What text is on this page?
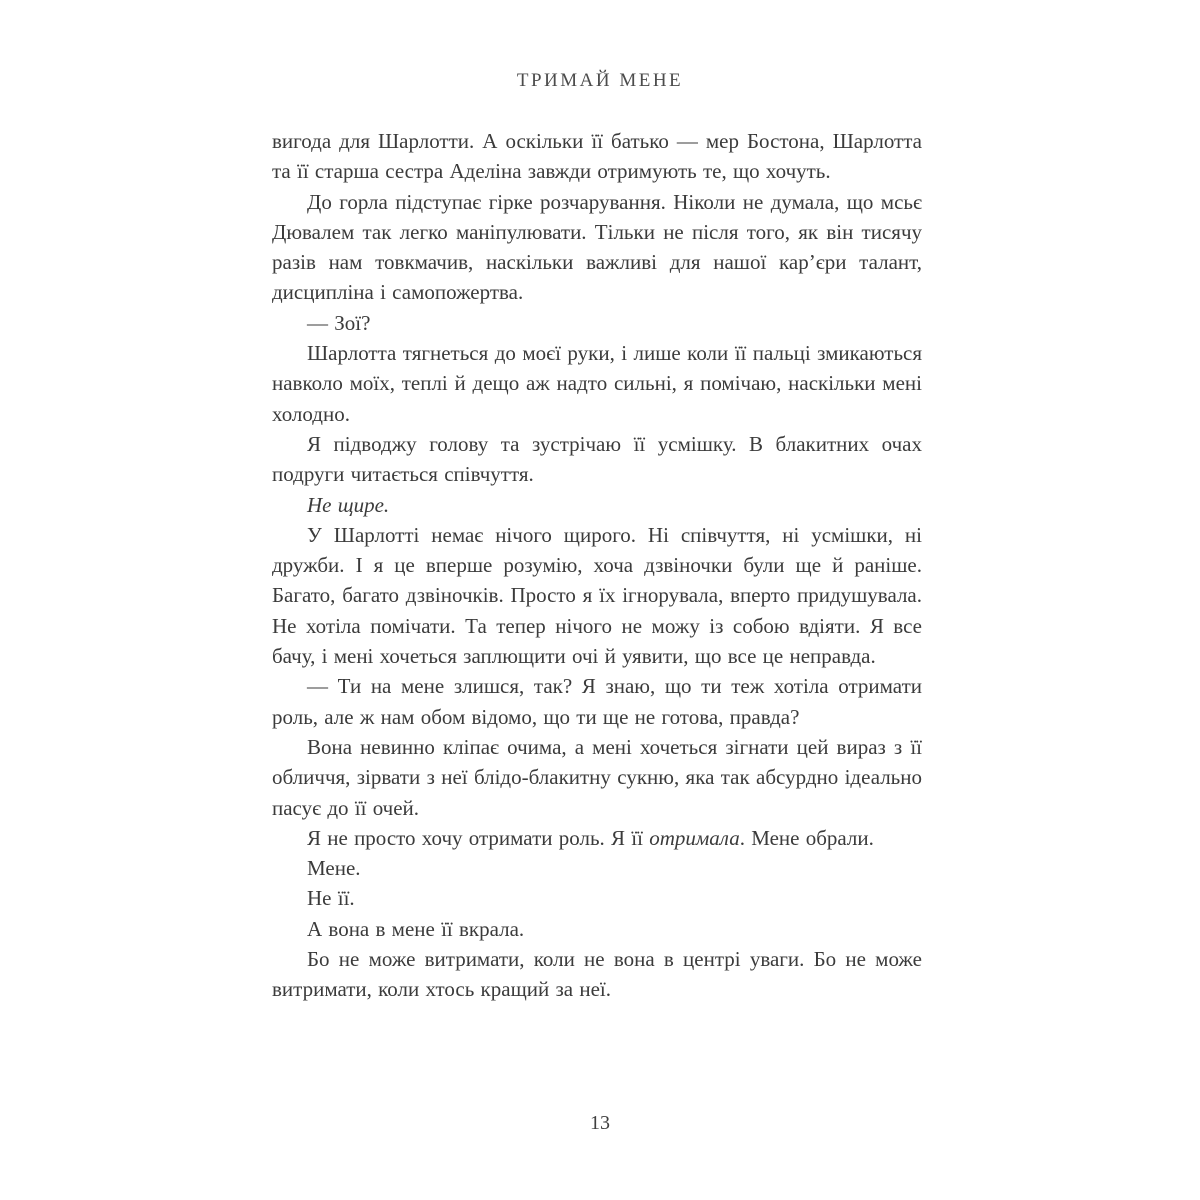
ТРИМАЙ МЕНЕ

вигода для Шарлотти. А оскільки її батько — мер Бостона, Шарлотта та її старша сестра Аделіна завжди отримують те, що хочуть.

До горла підступає гірке розчарування. Ніколи не думала, що мсьє Дювалем так легко маніпулювати. Тільки не після того, як він тисячу разів нам товкмачив, наскільки важливі для нашої кар’єри талант, дисципліна і самопожертва.

— Зої?

Шарлотта тягнеться до моєї руки, і лише коли її пальці змикаються навколо моїх, теплі й дещо аж надто сильні, я помічаю, наскільки мені холодно.

Я підводжу голову та зустрічаю її усмішку. В блакитних очах подруги читається співчуття.

Не щире.

У Шарлотті немає нічого щирого. Ні співчуття, ні усмішки, ні дружби. І я це вперше розумію, хоча дзвіночки були ще й раніше. Багато, багато дзвіночків. Просто я їх ігнорувала, вперто придушувала. Не хотіла помічати. Та тепер нічого не можу із собою вдіяти. Я все бачу, і мені хочеться заплющити очі й уявити, що все це неправда.

— Ти на мене злишся, так? Я знаю, що ти теж хотіла отримати роль, але ж нам обом відомо, що ти ще не готова, правда?

Вона невинно кліпає очима, а мені хочеться зігнати цей вираз з її обличчя, зірвати з неї блідо-блакитну сукню, яка так абсурдно ідеально пасує до її очей.

Я не просто хочу отримати роль. Я її отримала. Мене обрали.

Мене.

Не її.

А вона в мене її вкрала.

Бо не може витримати, коли не вона в центрі уваги. Бо не може витримати, коли хтось кращий за неї.

13
